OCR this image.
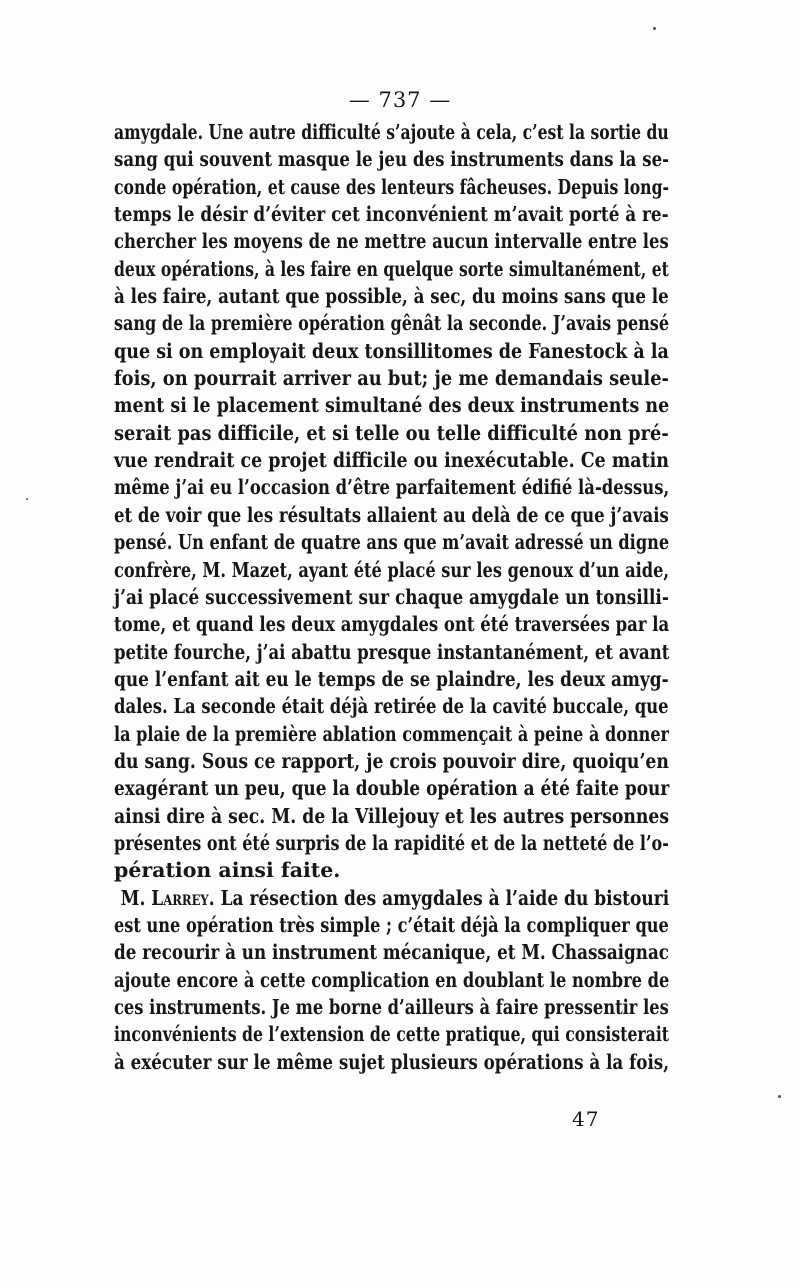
— 737 —
amygdale. Une autre difficulté s’ajoute à cela, c’est la sortie du
sang qui souvent masque le jeu des instruments dans la se-
conde opération, et cause des lenteurs fâcheuses. Depuis long-
temps le désir d’éviter cet inconvénient m’avait porté à re-
chercher les moyens de ne mettre aucun intervalle entre les
deux opérations, à les faire en quelque sorte simultanément, et
à les faire, autant que possible, à sec, du moins sans que le
sang de la première opération gênât la seconde. J’avais pensé
que si on employait deux tonsillitomes de Fanestock à la
fois, on pourrait arriver au but; je me demandais seule-
ment si le placement simultané des deux instruments ne
serait pas difficile, et si telle ou telle difficulté non pré-
vue rendrait ce projet difficile ou inexécutable. Ce matin
même j’ai eu l’occasion d’être parfaitement édifié là-dessus,
et de voir que les résultats allaient au delà de ce que j’avais
pensé. Un enfant de quatre ans que m’avait adressé un digne
confrère, M. Mazet, ayant été placé sur les genoux d’un aide,
j’ai placé successivement sur chaque amygdale un tonsilli-
tome, et quand les deux amygdales ont été traversées par la
petite fourche, j’ai abattu presque instantanément, et avant
que l’enfant ait eu le temps de se plaindre, les deux amyg-
dales. La seconde était déjà retirée de la cavité buccale, que
la plaie de la première ablation commençait à peine à donner
du sang. Sous ce rapport, je crois pouvoir dire, quoiqu’en
exagérant un peu, que la double opération a été faite pour
ainsi dire à sec. M. de la Villejouy et les autres personnes
présentes ont été surpris de la rapidité et de la netteté de l’o-
pération ainsi faite.
M. Larrey. La résection des amygdales à l’aide du bistouri
est une opération très simple ; c’était déjà la compliquer que
de recourir à un instrument mécanique, et M. Chassaignac
ajoute encore à cette complication en doublant le nombre de
ces instruments. Je me borne d’ailleurs à faire pressentir les
inconvénients de l’extension de cette pratique, qui consisterait
à exécuter sur le même sujet plusieurs opérations à la fois,
47
